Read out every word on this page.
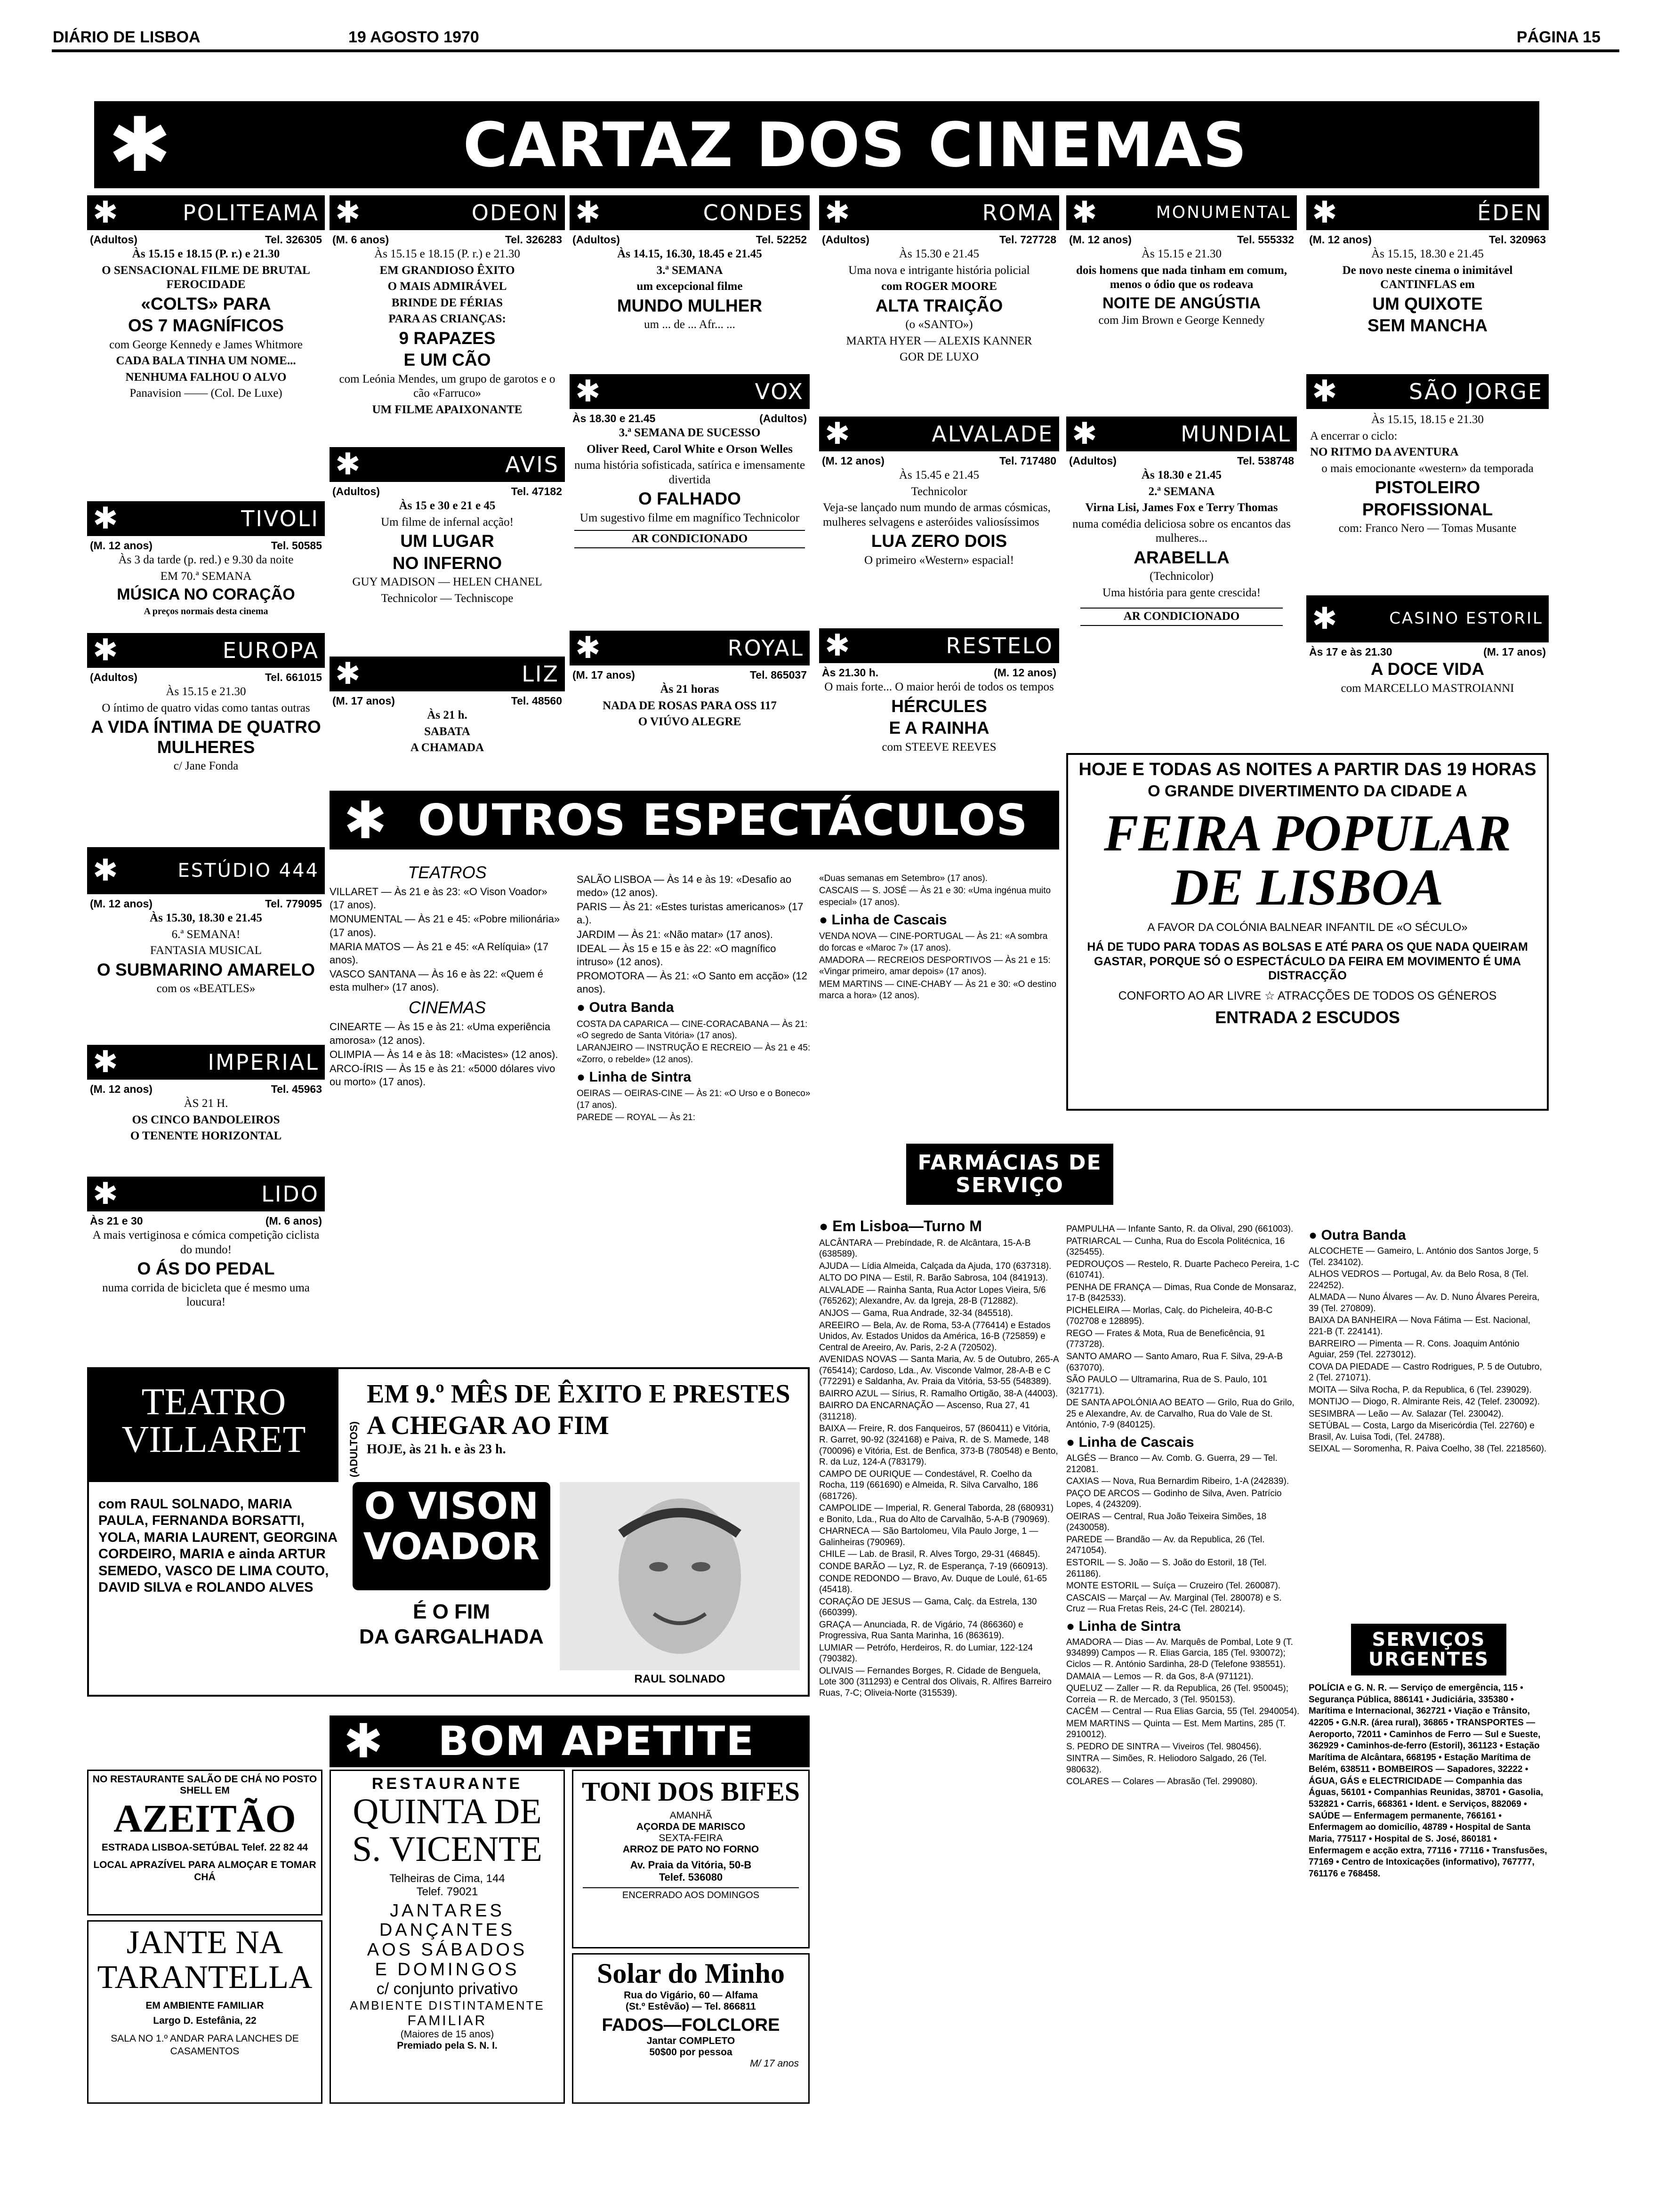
DIÁRIO DE LISBOA	19 AGOSTO 1970	PÁGINA 15
✱	CARTAZ DOS CINEMAS
✱	POLITEAMA
(Adultos)	Tel. 326305
Às 15.15 e 18.15 (P. r.) e 21.30
O SENSACIONAL FILME DE BRUTAL FEROCIDADE
«COLTS» PARA
OS 7 MAGNÍFICOS
com George Kennedy e James Whitmore
CADA BALA TINHA UM NOME...
NENHUMA FALHOU O ALVO
Panavision —— (Col. De Luxe)
✱	TIVOLI
(M. 12 anos)	Tel. 50585
Às 3 da tarde (p. red.) e 9.30 da noite
EM 70.ª SEMANA
MÚSICA NO CORAÇÃO
A preços normais desta cinema
✱	EUROPA
(Adultos)	Tel. 661015
Às 15.15 e 21.30
O íntimo de quatro vidas como tantas outras
A VIDA ÍNTIMA DE QUATRO MULHERES
c/ Jane Fonda
✱	ESTÚDIO 444
(M. 12 anos)	Tel. 779095
Às 15.30, 18.30 e 21.45
6.ª SEMANA!
FANTASIA MUSICAL
O SUBMARINO AMARELO
com os «BEATLES»
✱	IMPERIAL
(M. 12 anos)	Tel. 45963
ÀS 21 H.
OS CINCO BANDOLEIROS
O TENENTE HORIZONTAL
✱	LIDO
Às 21 e 30	(M. 6 anos)
A mais vertiginosa e cómica competição ciclista do mundo!
O ÁS DO PEDAL
numa corrida de bicicleta que é mesmo uma loucura!
✱	ODEON
(M. 6 anos)	Tel. 326283
Às 15.15 e 18.15 (P. r.) e 21.30
EM GRANDIOSO ÊXITO
O MAIS ADMIRÁVEL
BRINDE DE FÉRIAS
PARA AS CRIANÇAS:
9 RAPAZES
E UM CÃO
com Leónia Mendes, um grupo de garotos e o cão «Farruco»
UM FILME APAIXONANTE
✱	AVIS
(Adultos)	Tel. 47182
Às 15 e 30 e 21 e 45
Um filme de infernal acção!
UM LUGAR
NO INFERNO
GUY MADISON — HELEN CHANEL
Technicolor — Techniscope
✱	LIZ
(M. 17 anos)	Tel. 48560
Às 21 h.
SABATA
A CHAMADA
✱	CONDES
(Adultos)	Tel. 52252
Às 14.15, 16.30, 18.45 e 21.45
3.ª SEMANA
um excepcional filme
MUNDO MULHER
um ... de ... Afr... ...
✱	VOX
Às 18.30 e 21.45	(Adultos)
3.ª SEMANA DE SUCESSO
Oliver Reed, Carol White e Orson Welles
numa história sofisticada, satírica e imensamente divertida
O FALHADO
Um sugestivo filme em magnífico Technicolor
AR CONDICIONADO
✱	ROYAL
(M. 17 anos)	Tel. 865037
Às 21 horas
NADA DE ROSAS PARA OSS 117
O VIÚVO ALEGRE
✱	ROMA
(Adultos)	Tel. 727728
Às 15.30 e 21.45
Uma nova e intrigante história policial
com ROGER MOORE
ALTA TRAIÇÃO
(o «SANTO»)
MARTA HYER — ALEXIS KANNER
GOR DE LUXO
✱	ALVALADE
(M. 12 anos)	Tel. 717480
Às 15.45 e 21.45
Technicolor
Veja-se lançado num mundo de armas cósmicas, mulheres selvagens e asteróides valiosíssimos
LUA ZERO DOIS
O primeiro «Western» espacial!
✱	RESTELO
Às 21.30 h.	(M. 12 anos)
O mais forte... O maior herói de todos os tempos
HÉRCULES
E A RAINHA
com STEEVE REEVES
✱	MONUMENTAL
(M. 12 anos)	Tel. 555332
Às 15.15 e 21.30
dois homens que nada tinham em comum, menos o ódio que os rodeava
NOITE DE ANGÚSTIA
com Jim Brown e George Kennedy
✱	MUNDIAL
(Adultos)	Tel. 538748
Às 18.30 e 21.45
2.ª SEMANA
Virna Lisi, James Fox e Terry Thomas
numa comédia deliciosa sobre os encantos das mulheres...
ARABELLA
(Technicolor)
Uma história para gente crescida!
AR CONDICIONADO
✱	ÉDEN
(M. 12 anos)	Tel. 320963
Às 15.15, 18.30 e 21.45
De novo neste cinema o inimitável CANTINFLAS em
UM QUIXOTE
SEM MANCHA
✱	SÃO JORGE
Às 15.15, 18.15 e 21.30
A encerrar o ciclo:
NO RITMO DA AVENTURA
o mais emocionante «western» da temporada
PISTOLEIRO
PROFISSIONAL
com: Franco Nero — Tomas Musante
✱	CASINO ESTORIL
Às 17 e às 21.30	(M. 17 anos)
A DOCE VIDA
com MARCELLO MASTROIANNI
HOJE E TODAS AS NOITES A PARTIR DAS 19 HORAS
O GRANDE DIVERTIMENTO DA CIDADE A
FEIRA POPULAR
DE LISBOA
A FAVOR DA COLÓNIA BALNEAR INFANTIL DE «O SÉCULO»
HÁ DE TUDO PARA TODAS AS BOLSAS E ATÉ PARA OS QUE NADA QUEIRAM GASTAR, PORQUE SÓ O ESPECTÁCULO DA FEIRA EM MOVIMENTO É UMA DISTRACÇÃO
CONFORTO AO AR LIVRE ☆ ATRACÇÕES DE TODOS OS GÉNEROS
ENTRADA 2 ESCUDOS
✱ OUTROS ESPECTÁCULOS
TEATROS

VILLARET — Às 21 e às 23: «O Vison Voador» (17 anos).

MONUMENTAL — Às 21 e 45: «Pobre milionária» (17 anos).

MARIA MATOS — Às 21 e 45: «A Relíquia» (17 anos).

VASCO SANTANA — Às 16 e às 22: «Quem é esta mulher» (17 anos).

CINEMAS

CINEARTE — Às 15 e às 21: «Uma experiência amorosa» (12 anos).

OLIMPIA — Às 14 e às 18: «Macistes» (12 anos).

ARCO-ÍRIS — Às 15 e às 21: «5000 dólares vivo ou morto» (17 anos).

SALÃO LISBOA — Às 14 e às 19: «Desafio ao medo» (12 anos).

PARIS — Às 21: «Estes turistas americanos» (17 a.).

JARDIM — Às 21: «Não matar» (17 anos).

IDEAL — Às 15 e 15 e às 22: «O magnífico intruso» (12 anos).

PROMOTORA — Às 21: «O Santo em acção» (12 anos).

● Outra Banda

COSTA DA CAPARICA — CINE-CORACABANA — Às 21: «O segredo de Santa Vitória» (17 anos).

LARANJEIRO — INSTRUÇÃO E RECREIO — Às 21 e 45: «Zorro, o rebelde» (12 anos).

● Linha de Sintra

OEIRAS — OEIRAS-CINE — Às 21: «O Urso e o Boneco» (17 anos).

PAREDE — ROYAL — Às 21:

«Duas semanas em Setembro» (17 anos).

CASCAIS — S. JOSÉ — Às 21 e 30: «Uma ingénua muito especial» (17 anos).

● Linha de Cascais

VENDA NOVA — CINE-PORTUGAL — Às 21: «A sombra do forcas e «Maroc 7» (17 anos).

AMADORA — RECREIOS DESPORTIVOS — Às 21 e 15: «Vingar primeiro, amar depois» (17 anos).

MEM MARTINS — CINE-CHABY — Às 21 e 30: «O destino marca a hora» (12 anos).

FARMÁCIAS DE SERVIÇO
● Em Lisboa—Turno M

ALCÂNTARA — Prebíndade, R. de Alcântara, 15-A-B (638589).

AJUDA — Lídia Almeida, Calçada da Ajuda, 170 (637318).

ALTO DO PINA — Estil, R. Barão Sabrosa, 104 (841913).

ALVALADE — Rainha Santa, Rua Actor Lopes Vieira, 5/6 (765262); Alexandre, Av. da Igreja, 28-B (712882).

ANJOS — Gama, Rua Andrade, 32-34 (845518).

AREEIRO — Bela, Av. de Roma, 53-A (776414) e Estados Unidos, Av. Estados Unidos da América, 16-B (725859) e Central de Areeiro, Av. Paris, 2-2 A (720502).

AVENIDAS NOVAS — Santa Maria, Av. 5 de Outubro, 265-A (765414); Cardoso, Lda., Av. Visconde Valmor, 28-A-B e C (772291) e Saldanha, Av. Praia da Vitória, 53-55 (548389).

BAIRRO AZUL — Sírius, R. Ramalho Ortigão, 38-A (44003).

BAIRRO DA ENCARNAÇÃO — Ascenso, Rua 27, 41 (311218).

BAIXA — Freire, R. dos Fanqueiros, 57 (860411) e Vitória, R. Garret, 90-92 (324168) e Paiva, R. de S. Mamede, 148 (700096) e Vitória, Est. de Benfica, 373-B (780548) e Bento, R. da Luz, 124-A (783179).

CAMPO DE OURIQUE — Condestável, R. Coelho da Rocha, 119 (661690) e Almeida, R. Silva Carvalho, 186 (681726).

CAMPOLIDE — Imperial, R. General Taborda, 28 (680931) e Bonito, Lda., Rua do Alto de Carvalhão, 5-A-B (790969).

CHARNECA — São Bartolomeu, Vila Paulo Jorge, 1 — Galinheiras (790969).

CHILE — Lab. de Brasil, R. Alves Torgo, 29-31 (46845).

CONDE BARÃO — Lyz, R. de Esperança, 7-19 (660913).

CONDE REDONDO — Bravo, Av. Duque de Loulé, 61-65 (45418).

CORAÇÃO DE JESUS — Gama, Calç. da Estrela, 130 (660399).

GRAÇA — Anunciada, R. de Vigário, 74 (866360) e Progressiva, Rua Santa Marinha, 16 (863619).

LUMIAR — Petrófo, Herdeiros, R. do Lumiar, 122-124 (790382).

OLIVAIS — Fernandes Borges, R. Cidade de Benguela, Lote 300 (311293) e Central dos Olivais, R. Alfires Barreiro Ruas, 7-C; Oliveia-Norte (315539).

PAMPULHA — Infante Santo, R. da Olival, 290 (661003).

PATRIARCAL — Cunha, Rua do Escola Politécnica, 16 (325455).

PEDROUÇOS — Restelo, R. Duarte Pacheco Pereira, 1-C (610741).

PENHA DE FRANÇA — Dimas, Rua Conde de Monsaraz, 17-B (842533).

PICHELEIRA — Morlas, Calç. do Picheleira, 40-B-C (702708 e 128895).

REGO — Frates & Mota, Rua de Beneficência, 91 (773728).

SANTO AMARO — Santo Amaro, Rua F. Silva, 29-A-B (637070).

SÃO PAULO — Ultramarina, Rua de S. Paulo, 101 (321771).

DE SANTA APOLÓNIA AO BEATO — Grilo, Rua do Grilo, 25 e Alexandre, Av. de Carvalho, Rua do Vale de St. António, 7-9 (840125).

● Linha de Cascais

ALGÉS — Branco — Av. Comb. G. Guerra, 29 — Tel. 212081.

CAXIAS — Nova, Rua Bernardim Ribeiro, 1-A (242839).

PAÇO DE ARCOS — Godinho de Silva, Aven. Patrício Lopes, 4 (243209).

OEIRAS — Central, Rua João Teixeira Simões, 18 (2430058).

PAREDE — Brandão — Av. da Republica, 26 (Tel. 2471054).

ESTORIL — S. João — S. João do Estoril, 18 (Tel. 261186).

MONTE ESTORIL — Suíça — Cruzeiro (Tel. 260087).

CASCAIS — Marçal — Av. Marginal (Tel. 280078) e S. Cruz — Rua Fretas Reis, 24-C (Tel. 280214).

● Linha de Sintra

AMADORA — Dias — Av. Marquês de Pombal, Lote 9 (T. 934899) Campos — R. Elias Garcia, 185 (Tel. 930072); Ciclos — R. António Sardinha, 28-D (Telefone 938551).

DAMAIA — Lemos — R. da Gos, 8-A (971121).

QUELUZ — Zaller — R. da Republica, 26 (Tel. 950045); Correia — R. de Mercado, 3 (Tel. 950153).

CACÉM — Central — Rua Elias Garcia, 55 (Tel. 2940054).

MEM MARTINS — Quinta — Est. Mem Martins, 285 (T. 2910012).

S. PEDRO DE SINTRA — Viveiros (Tel. 980456).

SINTRA — Simões, R. Heliodoro Salgado, 26 (Tel. 980632).

COLARES — Colares — Abrasão (Tel. 299080).

● Outra Banda

ALCOCHETE — Gameiro, L. António dos Santos Jorge, 5 (Tel. 234102).

ALHOS VEDROS — Portugal, Av. da Belo Rosa, 8 (Tel. 224252).

ALMADA — Nuno Álvares — Av. D. Nuno Álvares Pereira, 39 (Tel. 270809).

BAIXA DA BANHEIRA — Nova Fátima — Est. Nacional, 221-B (T. 224141).

BARREIRO — Pimenta — R. Cons. Joaquim António Aguiar, 259 (Tel. 2273012).

COVA DA PIEDADE — Castro Rodrigues, P. 5 de Outubro, 2 (Tel. 271071).

MOITA — Silva Rocha, P. da Republica, 6 (Tel. 239029).

MONTIJO — Diogo, R. Almirante Reis, 42 (Telef. 230092).

SESIMBRA — Leão — Av. Salazar (Tel. 230042).

SETÚBAL — Costa, Largo da Misericórdia (Tel. 22760) e Brasil, Av. Luisa Todi, (Tel. 24788).

SEIXAL — Soromenha, R. Paiva Coelho, 38 (Tel. 2218560).

SERVIÇOS URGENTES
POLÍCIA e G. N. R. — Serviço de emergência, 115 • Segurança Pública, 886141 • Judiciária, 335380 • Marítima e Internacional, 362721 • Viação e Trânsito, 42205 • G.N.R. (área rural), 36865 • TRANSPORTES — Aeroporto, 72011 • Caminhos de Ferro — Sul e Sueste, 362929 • Caminhos-de-ferro (Estoril), 361123 • Estação Marítima de Alcântara, 668195 • Estação Marítima de Belém, 638511 • BOMBEIROS — Sapadores, 32222 • ÁGUA, GÁS e ELECTRICIDADE — Companhia das Águas, 56101 • Companhias Reunidas, 38701 • Gasolia, 532821 • Carris, 668361 • Ident. e Serviços, 882069 • SAÚDE — Enfermagem permanente, 766161 • Enfermagem ao domicílio, 48789 • Hospital de Santa Maria, 775117 • Hospital de S. José, 860181 • Enfermagem e acção extra, 77116 • 77116 • Transfusões, 77169 • Centro de Intoxicações (informativo), 767777, 761176 e 768458.
TEATRO
VILLARET	(ADULTOS)
EM 9.º MÊS DE ÊXITO E PRESTES
A CHEGAR AO FIM
HOJE, às 21 h. e às 23 h.
com RAUL SOLNADO, MARIA PAULA, FERNANDA BORSATTI, YOLA, MARIA LAURENT, GEORGINA CORDEIRO, MARIA e ainda ARTUR SEMEDO, VASCO DE LIMA COUTO, DAVID SILVA e ROLANDO ALVES
O VISON
VOADOR
É O FIM
DA GARGALHADA
RAUL SOLNADO
✱	BOM APETITE
NO RESTAURANTE SALÃO DE CHÁ NO POSTO SHELL EM
AZEITÃO
ESTRADA LISBOA-SETÚBAL Telef. 22 82 44
LOCAL APRAZÍVEL PARA ALMOÇAR E TOMAR CHÁ
JANTE NA
TARANTELLA
EM AMBIENTE FAMILIAR
Largo D. Estefânia, 22
SALA NO 1.º ANDAR PARA LANCHES DE CASAMENTOS
RESTAURANTE
QUINTA DE
S. VICENTE
Telheiras de Cima, 144
Telef. 79021
JANTARES
DANÇANTES
AOS SÁBADOS
E DOMINGOS
c/ conjunto privativo
AMBIENTE DISTINTAMENTE
FAMILIAR
(Maiores de 15 anos)
Premiado pela S. N. I.
TONI DOS BIFES
AMANHÃ
AÇORDA DE MARISCO
SEXTA-FEIRA
ARROZ DE PATO NO FORNO
Av. Praia da Vitória, 50-B
Telef. 536080
ENCERRADO AOS DOMINGOS
Solar do Minho
Rua do Vigário, 60 — Alfama
(St.º Estêvão) — Tel. 866811
FADOS—FOLCLORE
Jantar COMPLETO
50$00 por pessoa
M/ 17 anos
